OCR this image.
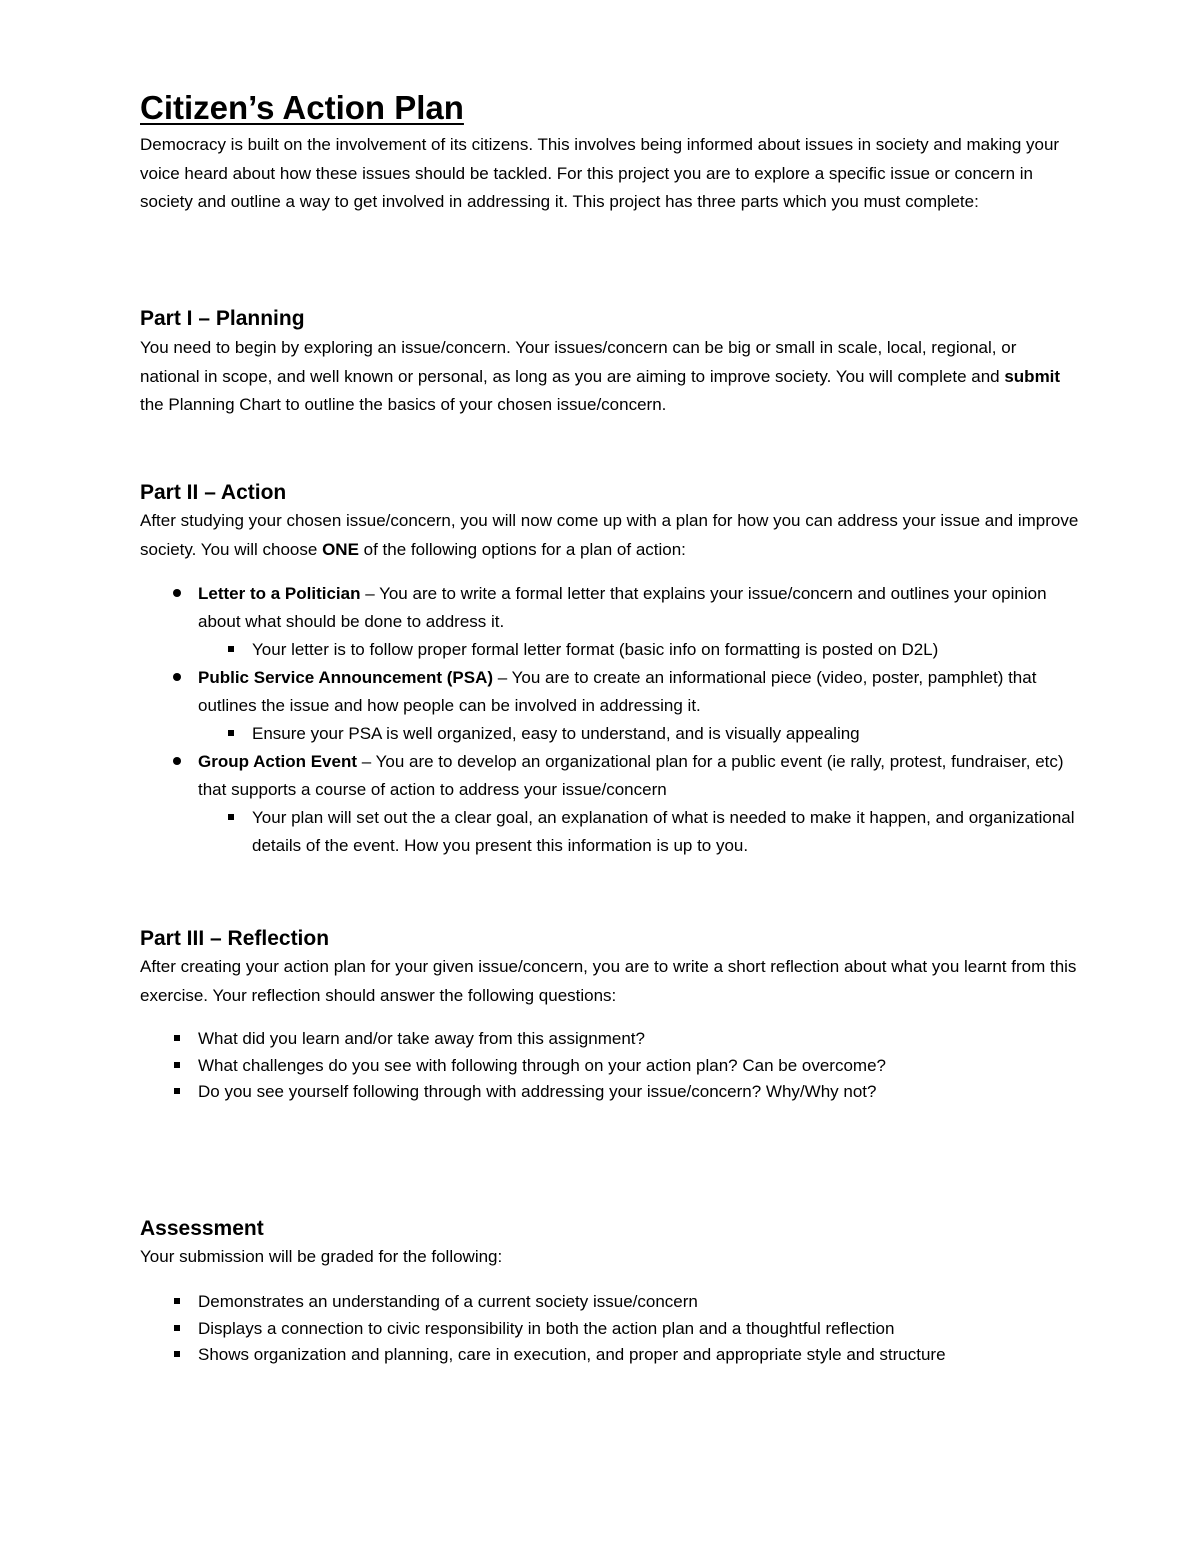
Citizen’s Action Plan

Democracy is built on the involvement of its citizens. This involves being informed about issues in society and making your voice heard about how these issues should be tackled. For this project you are to explore a specific issue or concern in society and outline a way to get involved in addressing it. This project has three parts which you must complete:

Part I – Planning

You need to begin by exploring an issue/concern. Your issues/concern can be big or small in scale, local, regional, or national in scope, and well known or personal, as long as you are aiming to improve society. You will complete and submit the Planning Chart to outline the basics of your chosen issue/concern.

Part II – Action

After studying your chosen issue/concern, you will now come up with a plan for how you can address your issue and improve society. You will choose ONE of the following options for a plan of action:

Letter to a Politician – You are to write a formal letter that explains your issue/concern and outlines your opinion about what should be done to address it.
Your letter is to follow proper formal letter format (basic info on formatting is posted on D2L)
Public Service Announcement (PSA) – You are to create an informational piece (video, poster, pamphlet) that outlines the issue and how people can be involved in addressing it.
Ensure your PSA is well organized, easy to understand, and is visually appealing
Group Action Event – You are to develop an organizational plan for a public event (ie rally, protest, fundraiser, etc) that supports a course of action to address your issue/concern
Your plan will set out the a clear goal, an explanation of what is needed to make it happen, and organizational details of the event. How you present this information is up to you.
Part III – Reflection

After creating your action plan for your given issue/concern, you are to write a short reflection about what you learnt from this exercise. Your reflection should answer the following questions:

What did you learn and/or take away from this assignment?
What challenges do you see with following through on your action plan? Can be overcome?
Do you see yourself following through with addressing your issue/concern? Why/Why not?
Assessment

Your submission will be graded for the following:

Demonstrates an understanding of a current society issue/concern
Displays a connection to civic responsibility in both the action plan and a thoughtful reflection
Shows organization and planning, care in execution, and proper and appropriate style and structure
